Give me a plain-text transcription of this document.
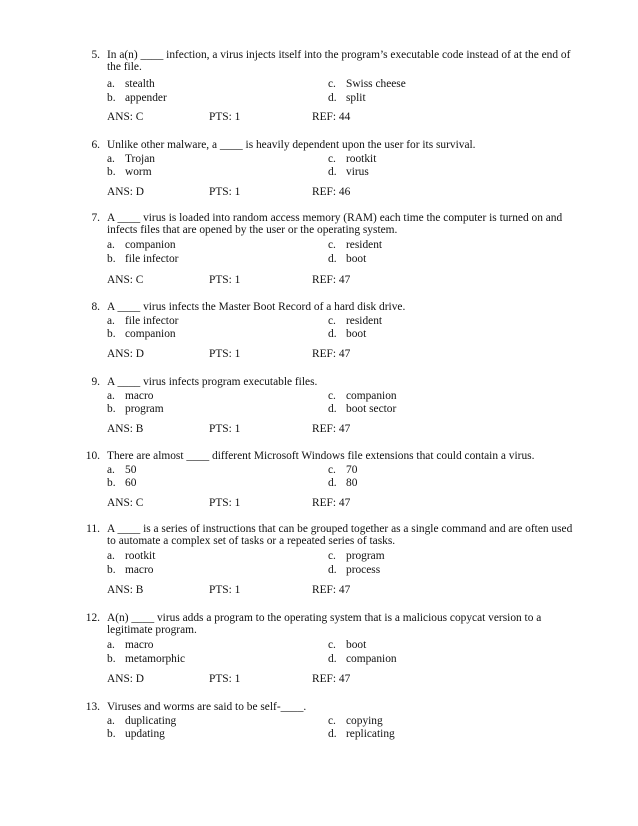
5. In a(n) ____ infection, a virus injects itself into the program’s executable code instead of at the end of
the file.
a. stealth	c. Swiss cheese
b. appender	d. split
ANS: C	PTS: 1	REF: 44
6. Unlike other malware, a ____ is heavily dependent upon the user for its survival.
a. Trojan	c. rootkit
b. worm	d. virus
ANS: D	PTS: 1	REF: 46
7. A ____ virus is loaded into random access memory (RAM) each time the computer is turned on and
infects files that are opened by the user or the operating system.
a. companion	c. resident
b. file infector	d. boot
ANS: C	PTS: 1	REF: 47
8. A ____ virus infects the Master Boot Record of a hard disk drive.
a. file infector	c. resident
b. companion	d. boot
ANS: D	PTS: 1	REF: 47
9. A ____ virus infects program executable files.
a. macro	c. companion
b. program	d. boot sector
ANS: B	PTS: 1	REF: 47
10. There are almost ____ different Microsoft Windows file extensions that could contain a virus.
a. 50	c. 70
b. 60	d. 80
ANS: C	PTS: 1	REF: 47
11. A ____ is a series of instructions that can be grouped together as a single command and are often used
to automate a complex set of tasks or a repeated series of tasks.
a. rootkit	c. program
b. macro	d. process
ANS: B	PTS: 1	REF: 47
12. A(n) ____ virus adds a program to the operating system that is a malicious copycat version to a
legitimate program.
a. macro	c. boot
b. metamorphic	d. companion
ANS: D	PTS: 1	REF: 47
13. Viruses and worms are said to be self-____.
a. duplicating	c. copying
b. updating	d. replicating
